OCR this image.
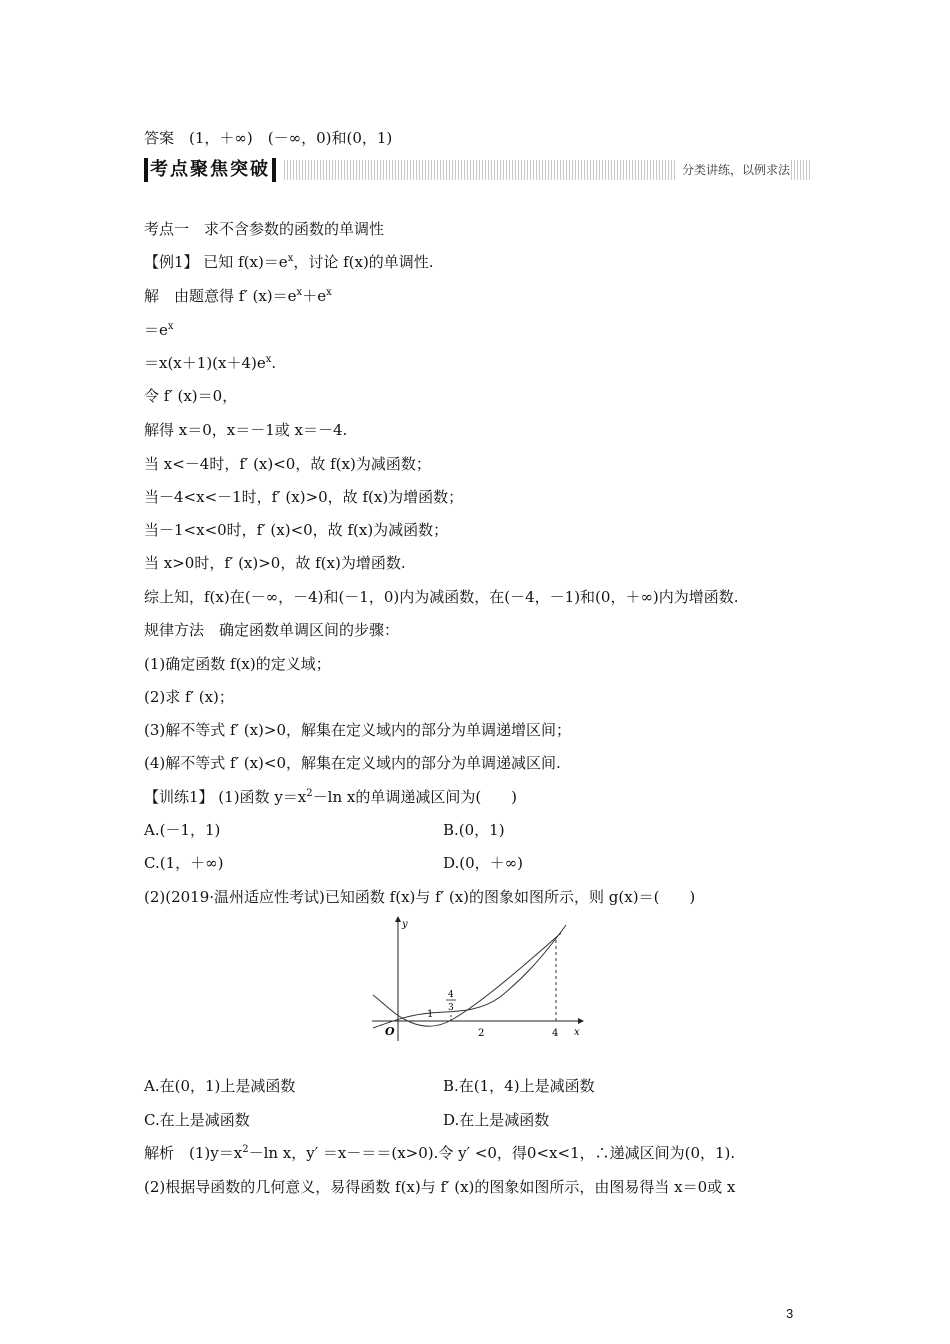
答案　(1，＋∞)　(－∞，0)和(0，1)
考点聚焦突破	分类讲练，以例求法
考点一　求不含参数的函数的单调性
【例1】 已知 $f(x)=e^x$，讨论 f(x)的单调性.
解　由题意得 f′ $(x)=e^x+e^x$
$=e^x$
$=x(x+1)(x+4)e^x$.
令 f′ (x)＝0，
解得 x＝0，x＝－1或 x＝－4.
当 x<－4时，f′ (x)<0，故 f(x)为减函数；
当－4<x<－1时，f′ (x)>0，故 f(x)为增函数；
当－1<x<0时，f′ (x)<0，故 f(x)为减函数；
当 x>0时，f′ (x)>0，故 f(x)为增函数.
综上知，f(x)在(－∞，－4)和(－1，0)内为减函数，在(－4，－1)和(0，＋∞)内为增函数.
规律方法　确定函数单调区间的步骤：
(1)确定函数 f(x)的定义域；
(2)求 f′ (x)；
(3)解不等式 f′ (x)>0，解集在定义域内的部分为单调递增区间；
(4)解不等式 f′ (x)<0，解集在定义域内的部分为单调递减区间.
【训练1】 (1)函数 $y=x^2-\ln$ x的单调递减区间为(　　)
A.(－1，1)	B.(0，1)
C.(1，＋∞)	D.(0，＋∞)
(2)(2019·温州适应性考试)已知函数 f(x)与 f′ (x)的图象如图所示，则 g(x)＝(　　)
y
x
O
1
4
3
2	4
A.在(0，1)上是减函数	B.在(1，4)上是减函数
C.在上是减函数	D.在上是减函数
解析　$(1)y=x^2-\ln$ x，y′ ＝x－＝＝(x>0).令 y′ <0，得0<x<1，∴递减区间为(0，1).
(2)根据导函数的几何意义，易得函数 f(x)与 f′ (x)的图象如图所示，由图易得当 x＝0或 x
3
